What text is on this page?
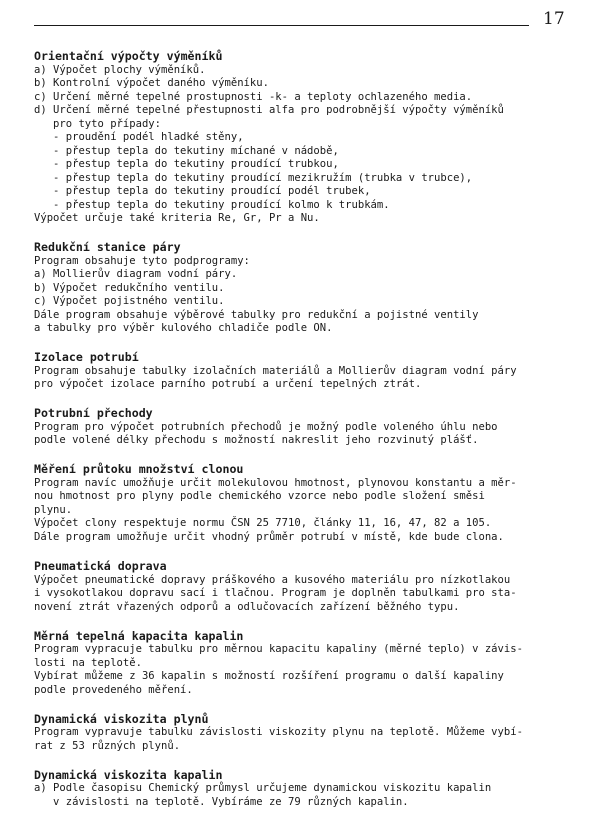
17
Orientační výpočty výměníků
a) Výpočet plochy výměníků.
b) Kontrolní výpočet daného výměníku.
c) Určení měrné tepelné prostupnosti -k- a teploty ochlazeného media.
d) Určení měrné tepelné přestupnosti alfa pro podrobnější výpočty výměníků
pro tyto případy:
- proudění podél hladké stěny,
- přestup tepla do tekutiny míchané v nádobě,
- přestup tepla do tekutiny proudící trubkou,
- přestup tepla do tekutiny proudící mezikružím (trubka v trubce),
- přestup tepla do tekutiny proudící podél trubek,
- přestup tepla do tekutiny proudící kolmo k trubkám.
Výpočet určuje také kriteria Re, Gr, Pr a Nu.
Redukční stanice páry
Program obsahuje tyto podprogramy:
a) Mollierův diagram vodní páry.
b) Výpočet redukčního ventilu.
c) Výpočet pojistného ventilu.
Dále program obsahuje výběrové tabulky pro redukční a pojistné ventily
a tabulky pro výběr kulového chladiče podle ON.
Izolace potrubí
Program obsahuje tabulky izolačních materiálů a Mollierův diagram vodní páry
pro výpočet izolace parního potrubí a určení tepelných ztrát.
Potrubní přechody
Program pro výpočet potrubních přechodů je možný podle voleného úhlu nebo
podle volené délky přechodu s možností nakreslit jeho rozvinutý plášť.
Měření průtoku množství clonou
Program navíc umožňuje určit molekulovou hmotnost, plynovou konstantu a měr-
nou hmotnost pro plyny podle chemického vzorce nebo podle složení směsi
plynu.
Výpočet clony respektuje normu ČSN 25 7710, články 11, 16, 47, 82 a 105.
Dále program umožňuje určit vhodný průměr potrubí v místě, kde bude clona.
Pneumatická doprava
Výpočet pneumatické dopravy práškového a kusového materiálu pro nízkotlakou
i vysokotlakou dopravu sací i tlačnou. Program je doplněn tabulkami pro sta-
novení ztrát vřazených odporů a odlučovacích zařízení běžného typu.
Měrná tepelná kapacita kapalin
Program vypracuje tabulku pro měrnou kapacitu kapaliny (měrné teplo) v závis-
losti na teplotě.
Vybírat můžeme z 36 kapalin s možností rozšíření programu o další kapaliny
podle provedeného měření.
Dynamická viskozita plynů
Program vypravuje tabulku závislosti viskozity plynu na teplotě. Můžeme vybí-
rat z 53 různých plynů.
Dynamická viskozita kapalin
a) Podle časopisu Chemický průmysl určujeme dynamickou viskozitu kapalin
v závislosti na teplotě. Vybíráme ze 79 různých kapalin.
